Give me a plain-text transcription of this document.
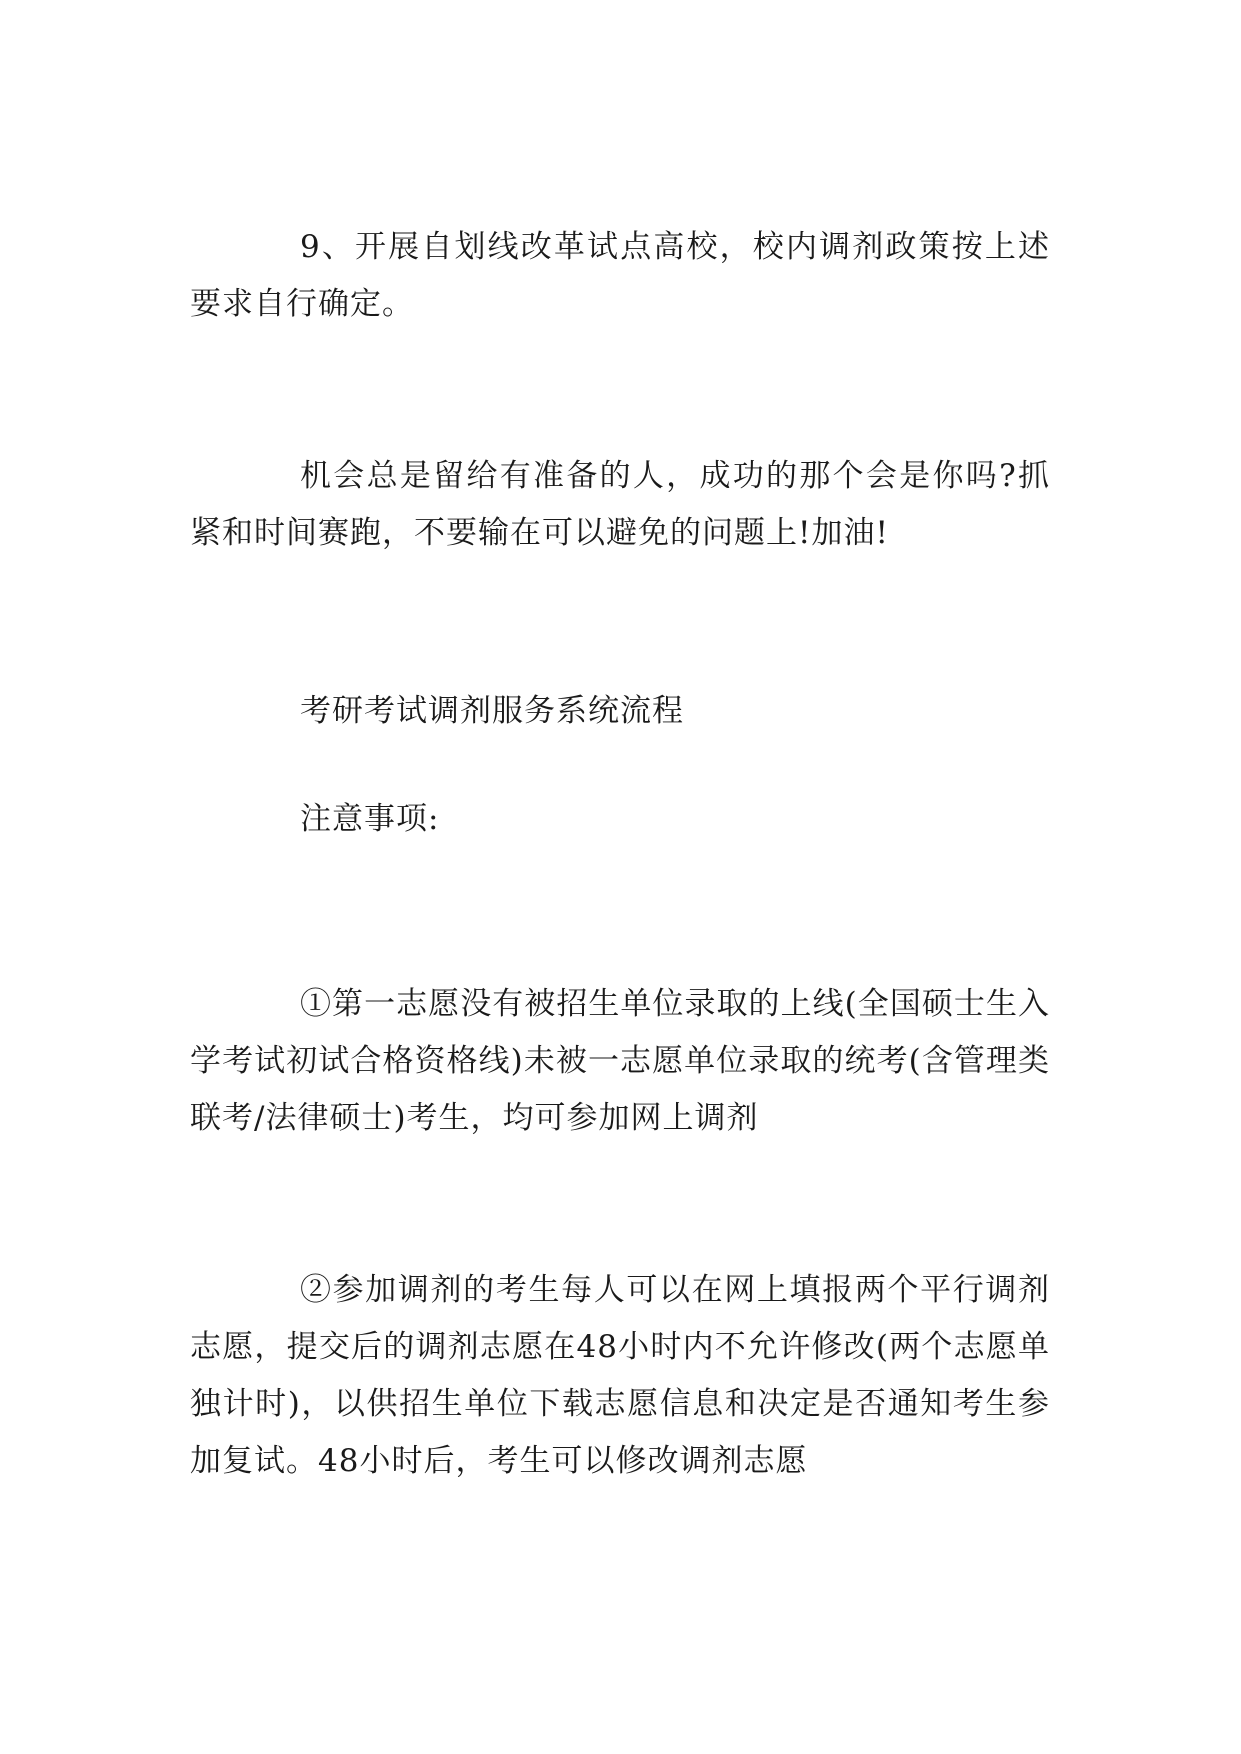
9、开展自划线改革试点高校，校内调剂政策按上述要求自行确定。

机会总是留给有准备的人，成功的那个会是你吗?抓紧和时间赛跑，不要输在可以避免的问题上!加油!

考研考试调剂服务系统流程

注意事项:

①第一志愿没有被招生单位录取的上线(全国硕士生入学考试初试合格资格线)未被一志愿单位录取的统考(含管理类联考/法律硕士)考生，均可参加网上调剂

②参加调剂的考生每人可以在网上填报两个平行调剂志愿，提交后的调剂志愿在48小时内不允许修改(两个志愿单独计时)，以供招生单位下载志愿信息和决定是否通知考生参加复试。48小时后，考生可以修改调剂志愿
